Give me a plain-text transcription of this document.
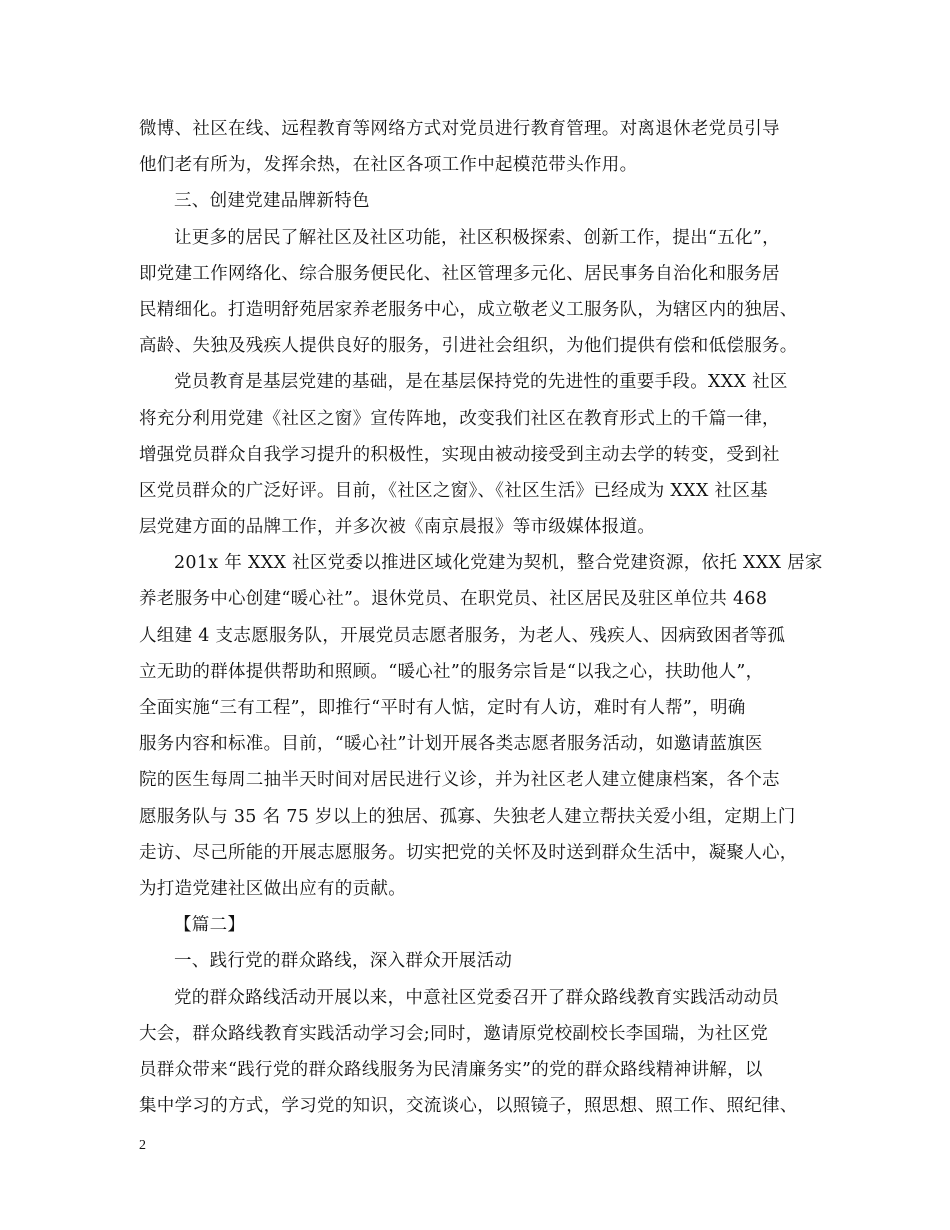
微博、社区在线、远程教育等网络方式对党员进行教育管理。对离退休老党员引导
他们老有所为，发挥余热，在社区各项工作中起模范带头作用。
三、创建党建品牌新特色
让更多的居民了解社区及社区功能，社区积极探索、创新工作，提出“五化”，
即党建工作网络化、综合服务便民化、社区管理多元化、居民事务自治化和服务居
民精细化。打造明舒苑居家养老服务中心，成立敬老义工服务队，为辖区内的独居、
高龄、失独及残疾人提供良好的服务，引进社会组织，为他们提供有偿和低偿服务。
党员教育是基层党建的基础，是在基层保持党的先进性的重要手段。XXX 社区
将充分利用党建《社区之窗》宣传阵地，改变我们社区在教育形式上的千篇一律，
增强党员群众自我学习提升的积极性，实现由被动接受到主动去学的转变，受到社
区党员群众的广泛好评。目前，《社区之窗》、《社区生活》已经成为 XXX 社区基
层党建方面的品牌工作，并多次被《南京晨报》等市级媒体报道。
201x 年 XXX 社区党委以推进区域化党建为契机，整合党建资源，依托 XXX 居家
养老服务中心创建“暖心社”。退休党员、在职党员、社区居民及驻区单位共 468
人组建 4 支志愿服务队，开展党员志愿者服务，为老人、残疾人、因病致困者等孤
立无助的群体提供帮助和照顾。“暖心社”的服务宗旨是“以我之心，扶助他人”，
全面实施“三有工程”，即推行“平时有人惦，定时有人访，难时有人帮”，明确
服务内容和标准。目前，“暖心社”计划开展各类志愿者服务活动，如邀请蓝旗医
院的医生每周二抽半天时间对居民进行义诊，并为社区老人建立健康档案，各个志
愿服务队与 35 名 75 岁以上的独居、孤寡、失独老人建立帮扶关爱小组，定期上门
走访、尽己所能的开展志愿服务。切实把党的关怀及时送到群众生活中，凝聚人心，
为打造党建社区做出应有的贡献。
【篇二】
一、践行党的群众路线，深入群众开展活动
党的群众路线活动开展以来，中意社区党委召开了群众路线教育实践活动动员
大会，群众路线教育实践活动学习会;同时，邀请原党校副校长李国瑞，为社区党
员群众带来“践行党的群众路线服务为民清廉务实”的党的群众路线精神讲解，以
集中学习的方式，学习党的知识，交流谈心，以照镜子，照思想、照工作、照纪律、

2
